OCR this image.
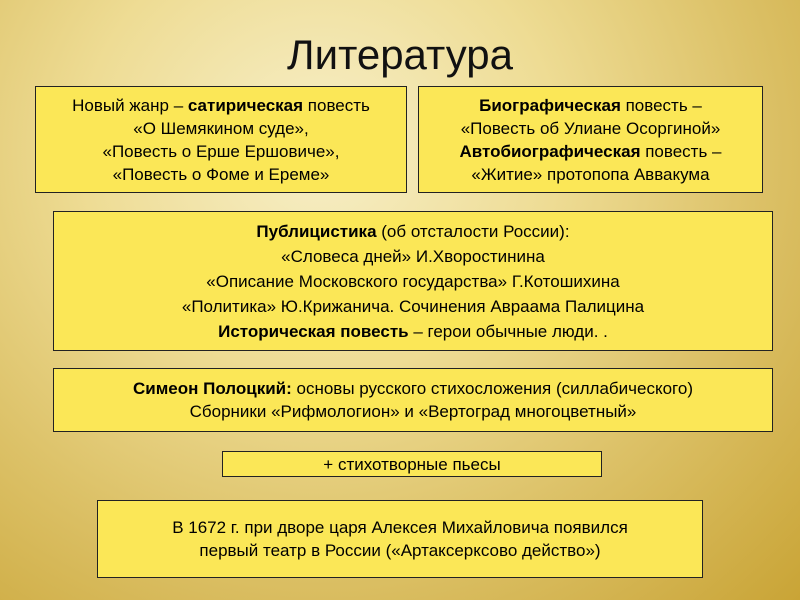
Литература
Новый жанр – сатирическая повесть
«О Шемякином суде»,
«Повесть о Ерше Ершовиче»,
«Повесть о Фоме и Ереме»
Биографическая повесть –
«Повесть об Улиане Осоргиной»
Автобиографическая повесть –
«Житие» протопопа Аввакума
Публицистика (об отсталости России):
«Словеса дней» И.Хворостинина
«Описание Московского государства» Г.Котошихина
«Политика» Ю.Крижанича. Сочинения Авраама Палицина
Историческая повесть – герои обычные люди. .
Симеон Полоцкий: основы русского стихосложения (силлабического)
Сборники «Рифмологион» и «Вертоград многоцветный»
+ стихотворные пьесы
В 1672 г. при дворе царя Алексея Михайловича появился
первый театр в России («Артаксерксово действо»)
